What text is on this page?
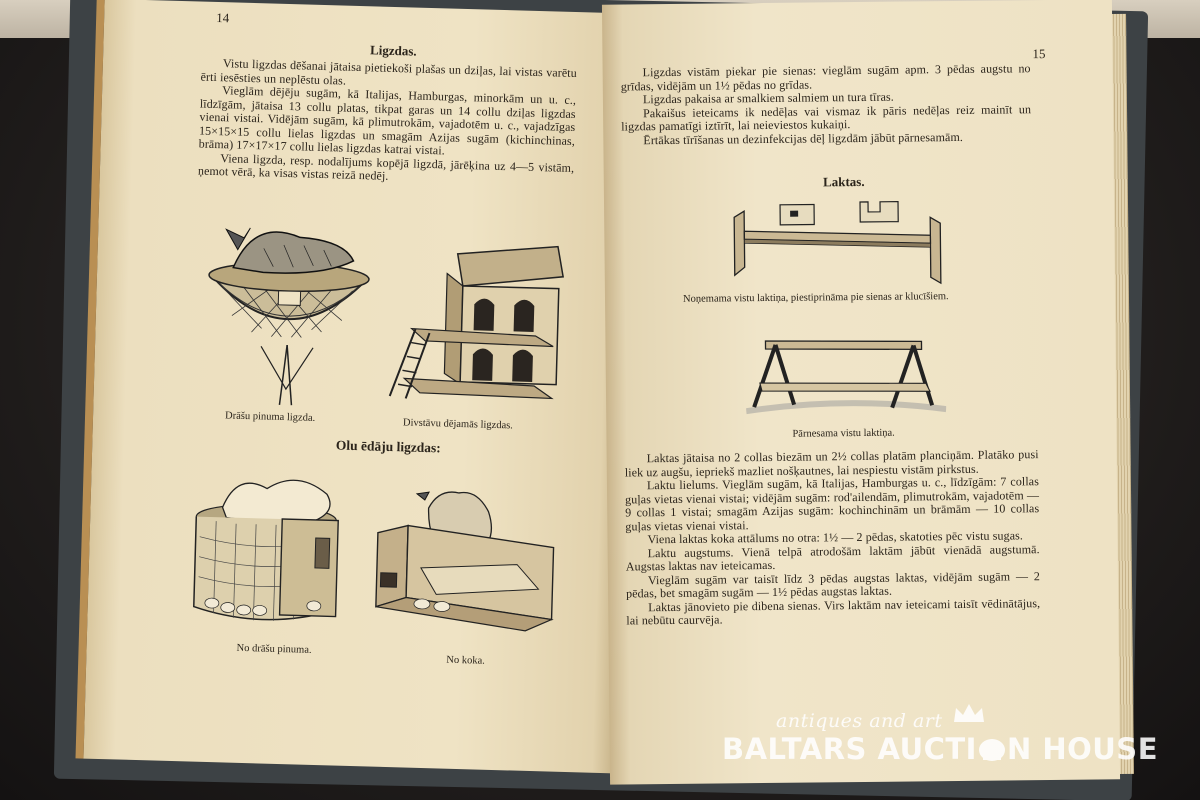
14
Ligzdas.

Vistu ligzdas dēšanai jātaisa pietiekoši plašas un dziļas, lai vistas varētu ērti iesēsties un neplēstu olas.

Vieglām dējēju sugām, kā Italijas, Hamburgas, minorkām un u. c., līdzīgām, jātaisa 13 collu platas, tikpat garas un 14 collu dziļas ligzdas vienai vistai. Vidējām sugām, kā plimutrokām, vajadotēm u. c., vajadzīgas 15×15×15 collu lielas ligzdas un smagām Azijas sugām (kichinchinas, brāma) 17×17×17 collu lielas ligzdas katrai vistai.

Viena ligzda, resp. nodalījums kopējā ligzdā, jārēķina uz 4—5 vistām, ņemot vērā, ka visas vistas reizā nedēj.

Drāšu pinuma ligzda.
Divstāvu dējamās ligzdas.
Olu ēdāju ligzdas:
No drāšu pinuma.
No koka.
15

Ligzdas vistām piekar pie sienas: vieglām sugām apm. 3 pēdas augstu no grīdas, vidējām un 1½ pēdas no grīdas.

Ligzdas pakaisa ar smalkiem salmiem un tura tīras.

Pakaišus ieteicams ik nedēļas vai vismaz ik pāris nedēļas reiz mainīt un ligzdas pamatīgi iztīrīt, lai neieviestos kukaiņi.

Ērtākas tīrīšanas un dezinfekcijas dēļ ligzdām jābūt pārnesamām.

Laktas.
Noņemama vistu laktiņa, piestiprināma pie sienas ar klucīšiem.
Pārnesama vistu laktiņa.

Laktas jātaisa no 2 collas biezām un 2½ collas platām planciņām. Platāko pusi liek uz augšu, iepriekš mazliet nošķautnes, lai nespiestu vistām pirkstus.

Laktu lielums. Vieglām sugām, kā Italijas, Hamburgas u. c., līdzīgām: 7 collas guļas vietas vienai vistai; vidējām sugām: rod'ailendām, plimutrokām, vajadotēm — 9 collas 1 vistai; smagām Azijas sugām: kochinchinām un brāmām — 10 collas guļas vietas vienai vistai.

Viena laktas koka attālums no otra: 1½ — 2 pēdas, skatoties pēc vistu sugas.

Laktu augstums. Vienā telpā atrodošām laktām jābūt vienādā augstumā. Augstas laktas nav ieteicamas.

Vieglām sugām var taisīt līdz 3 pēdas augstas laktas, vidējām sugām — 2 pēdas, bet smagām sugām — 1½ pēdas augstas laktas.

Laktas jānovieto pie dibena sienas. Virs laktām nav ieteicami taisīt vēdinātājus, lai nebūtu caurvēja.

antiques and art
BALTARS AUCTI N HOUSE
